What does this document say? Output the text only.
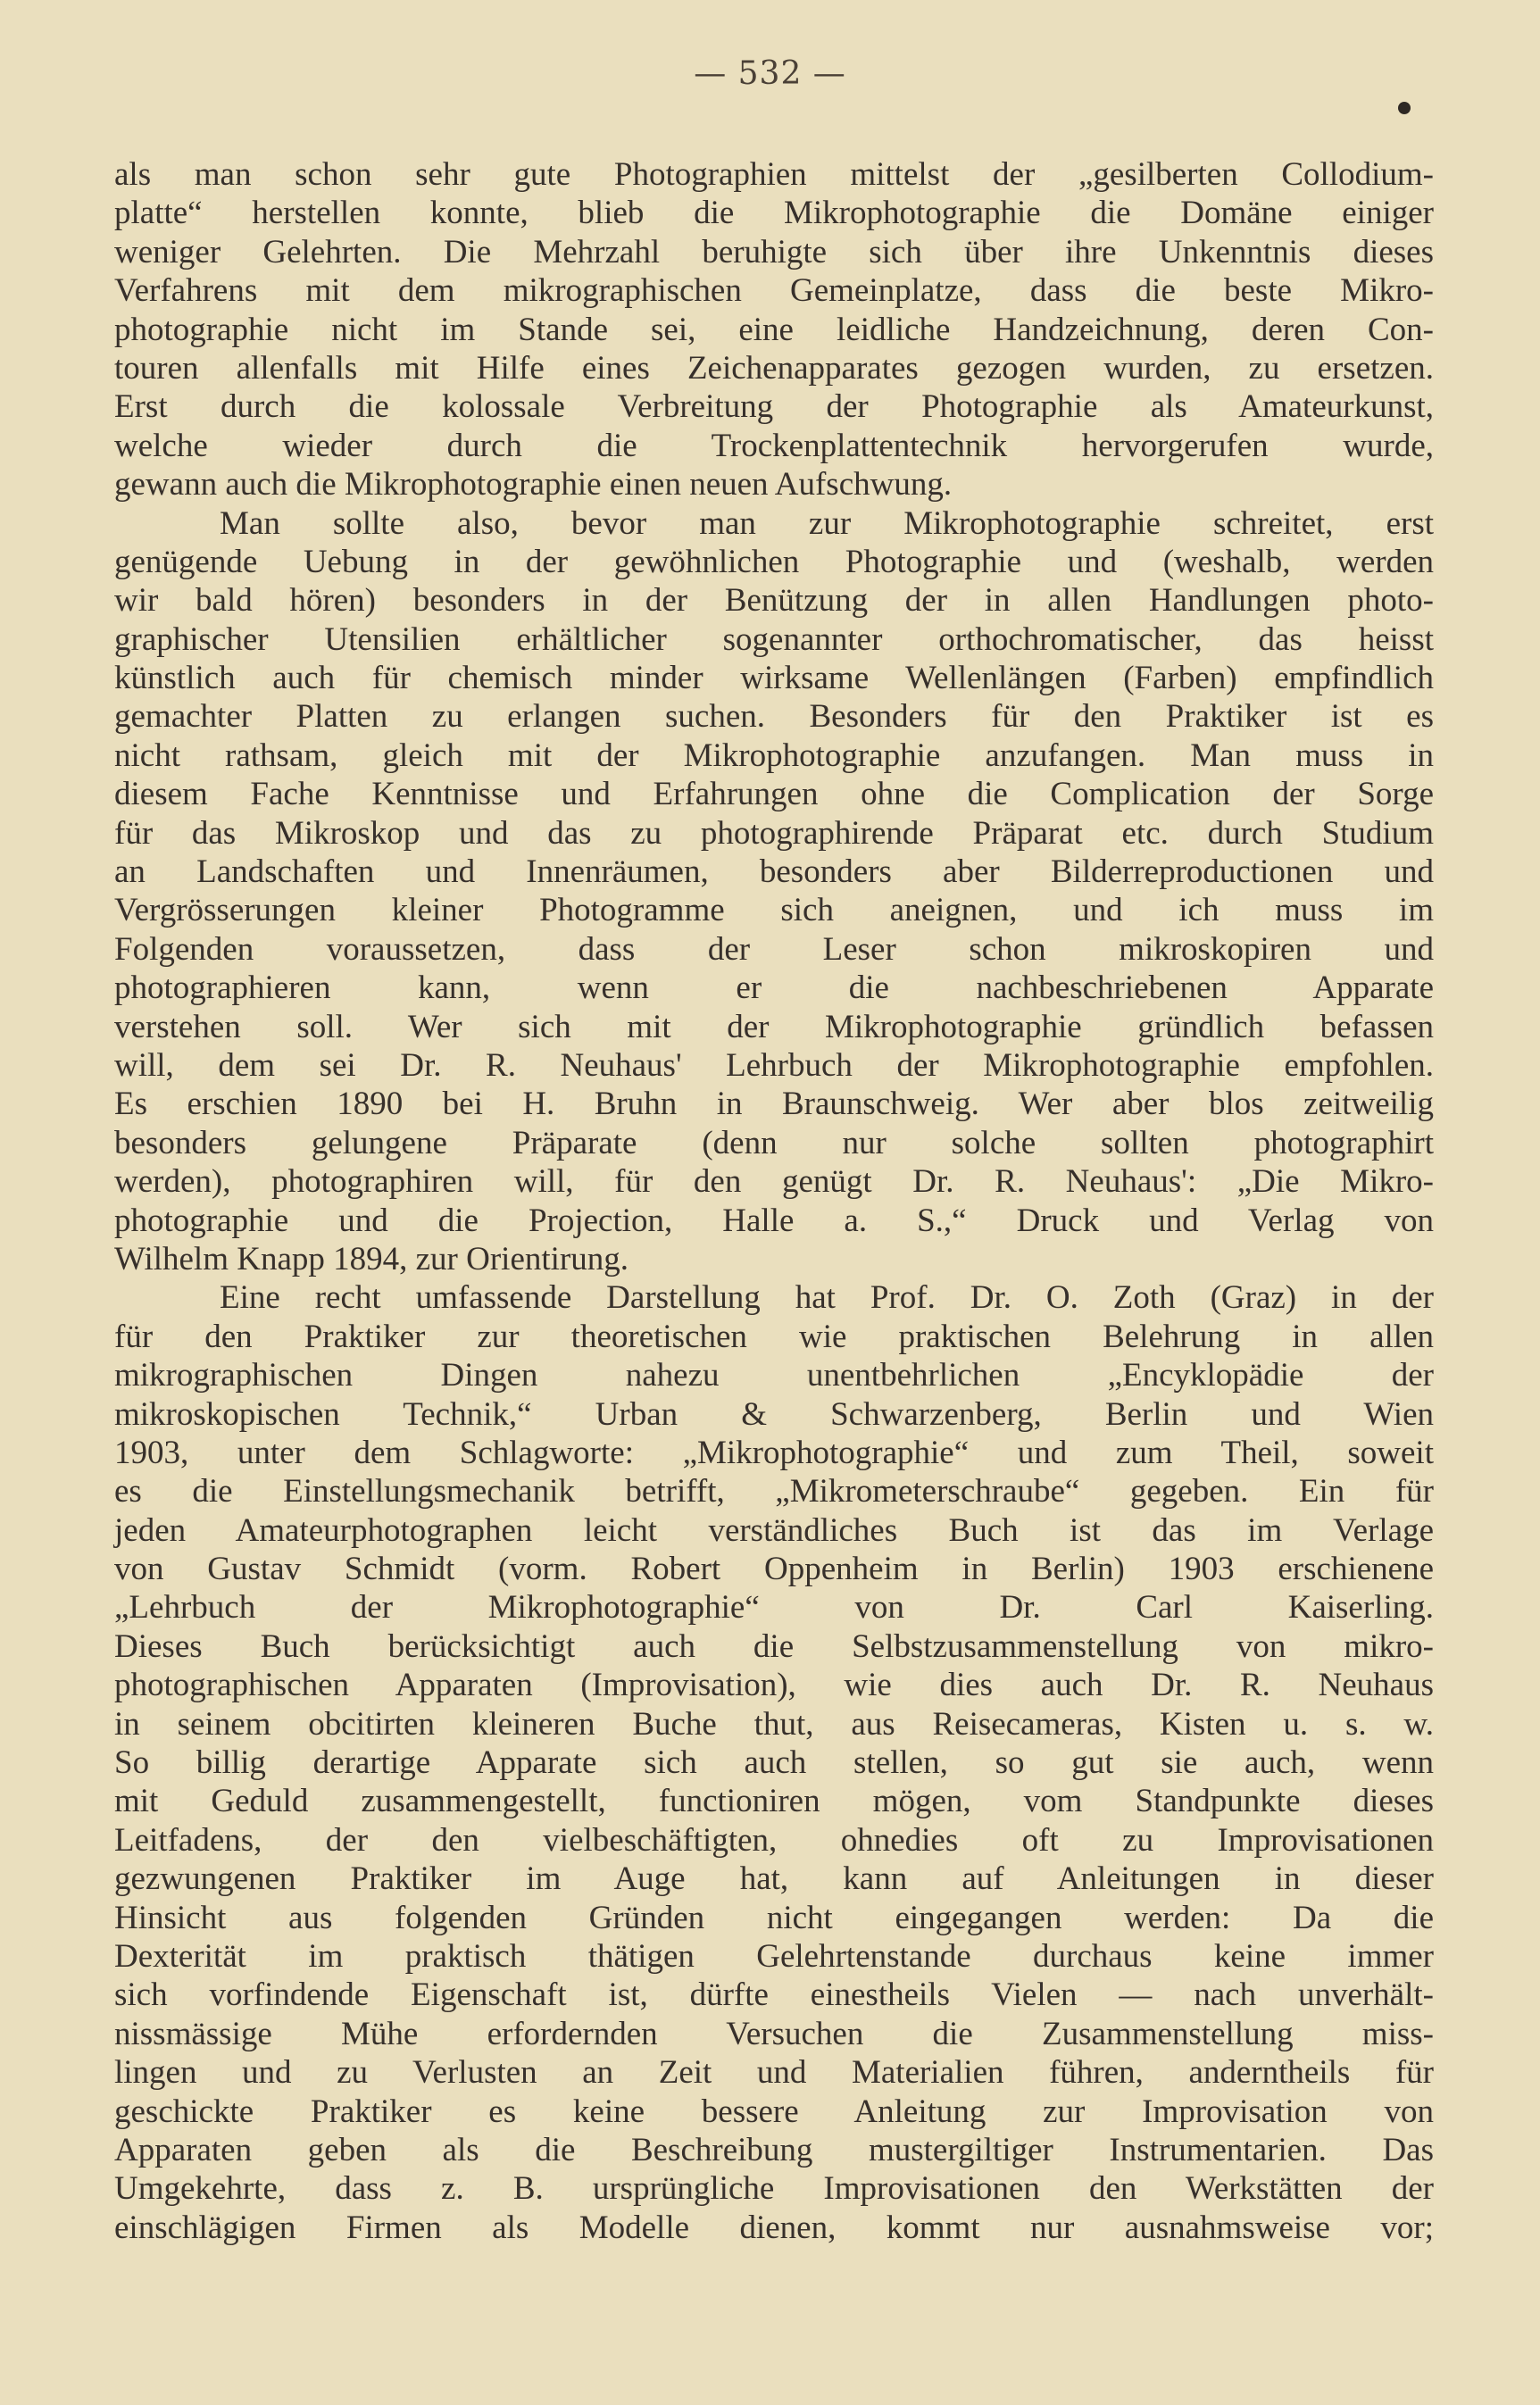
— 532 —
als man schon sehr gute Photographien mittelst der „gesilberten Collodium-
platte“ herstellen konnte, blieb die Mikrophotographie die Domäne einiger
weniger Gelehrten. Die Mehrzahl beruhigte sich über ihre Unkenntnis dieses
Verfahrens mit dem mikrographischen Gemeinplatze, dass die beste Mikro-
photographie nicht im Stande sei, eine leidliche Handzeichnung, deren Con-
touren allenfalls mit Hilfe eines Zeichenapparates gezogen wurden, zu ersetzen.
Erst durch die kolossale Verbreitung der Photographie als Amateurkunst,
welche wieder durch die Trockenplattentechnik hervorgerufen wurde,
gewann auch die Mikrophotographie einen neuen Aufschwung.
Man sollte also, bevor man zur Mikrophotographie schreitet, erst
genügende Uebung in der gewöhnlichen Photographie und (weshalb, werden
wir bald hören) besonders in der Benützung der in allen Handlungen photo-
graphischer Utensilien erhältlicher sogenannter orthochromatischer, das heisst
künstlich auch für chemisch minder wirksame Wellenlängen (Farben) empfindlich
gemachter Platten zu erlangen suchen. Besonders für den Praktiker ist es
nicht rathsam, gleich mit der Mikrophotographie anzufangen. Man muss in
diesem Fache Kenntnisse und Erfahrungen ohne die Complication der Sorge
für das Mikroskop und das zu photographirende Präparat etc. durch Studium
an Landschaften und Innenräumen, besonders aber Bilderreproductionen und
Vergrösserungen kleiner Photogramme sich aneignen, und ich muss im
Folgenden voraussetzen, dass der Leser schon mikroskopiren und
photographieren kann, wenn er die nachbeschriebenen Apparate
verstehen soll. Wer sich mit der Mikrophotographie gründlich befassen
will, dem sei Dr. R. Neuhaus' Lehrbuch der Mikrophotographie empfohlen.
Es erschien 1890 bei H. Bruhn in Braunschweig. Wer aber blos zeitweilig
besonders gelungene Präparate (denn nur solche sollten photographirt
werden), photographiren will, für den genügt Dr. R. Neuhaus': „Die Mikro-
photographie und die Projection, Halle a. S.,“ Druck und Verlag von
Wilhelm Knapp 1894, zur Orientirung.
Eine recht umfassende Darstellung hat Prof. Dr. O. Zoth (Graz) in der
für den Praktiker zur theoretischen wie praktischen Belehrung in allen
mikrographischen Dingen nahezu unentbehrlichen „Encyklopädie der
mikroskopischen Technik,“ Urban & Schwarzenberg, Berlin und Wien
1903, unter dem Schlagworte: „Mikrophotographie“ und zum Theil, soweit
es die Einstellungsmechanik betrifft, „Mikrometerschraube“ gegeben. Ein für
jeden Amateurphotographen leicht verständliches Buch ist das im Verlage
von Gustav Schmidt (vorm. Robert Oppenheim in Berlin) 1903 erschienene
„Lehrbuch der Mikrophotographie“ von Dr. Carl Kaiserling.
Dieses Buch berücksichtigt auch die Selbstzusammenstellung von mikro-
photographischen Apparaten (Improvisation), wie dies auch Dr. R. Neuhaus
in seinem obcitirten kleineren Buche thut, aus Reisecameras, Kisten u. s. w.
So billig derartige Apparate sich auch stellen, so gut sie auch, wenn
mit Geduld zusammengestellt, functioniren mögen, vom Standpunkte dieses
Leitfadens, der den vielbeschäftigten, ohnedies oft zu Improvisationen
gezwungenen Praktiker im Auge hat, kann auf Anleitungen in dieser
Hinsicht aus folgenden Gründen nicht eingegangen werden: Da die
Dexterität im praktisch thätigen Gelehrtenstande durchaus keine immer
sich vorfindende Eigenschaft ist, dürfte einestheils Vielen — nach unverhält-
nissmässige Mühe erfordernden Versuchen die Zusammenstellung miss-
lingen und zu Verlusten an Zeit und Materialien führen, anderntheils für
geschickte Praktiker es keine bessere Anleitung zur Improvisation von
Apparaten geben als die Beschreibung mustergiltiger Instrumentarien. Das
Umgekehrte, dass z. B. ursprüngliche Improvisationen den Werkstätten der
einschlägigen Firmen als Modelle dienen, kommt nur ausnahmsweise vor;
